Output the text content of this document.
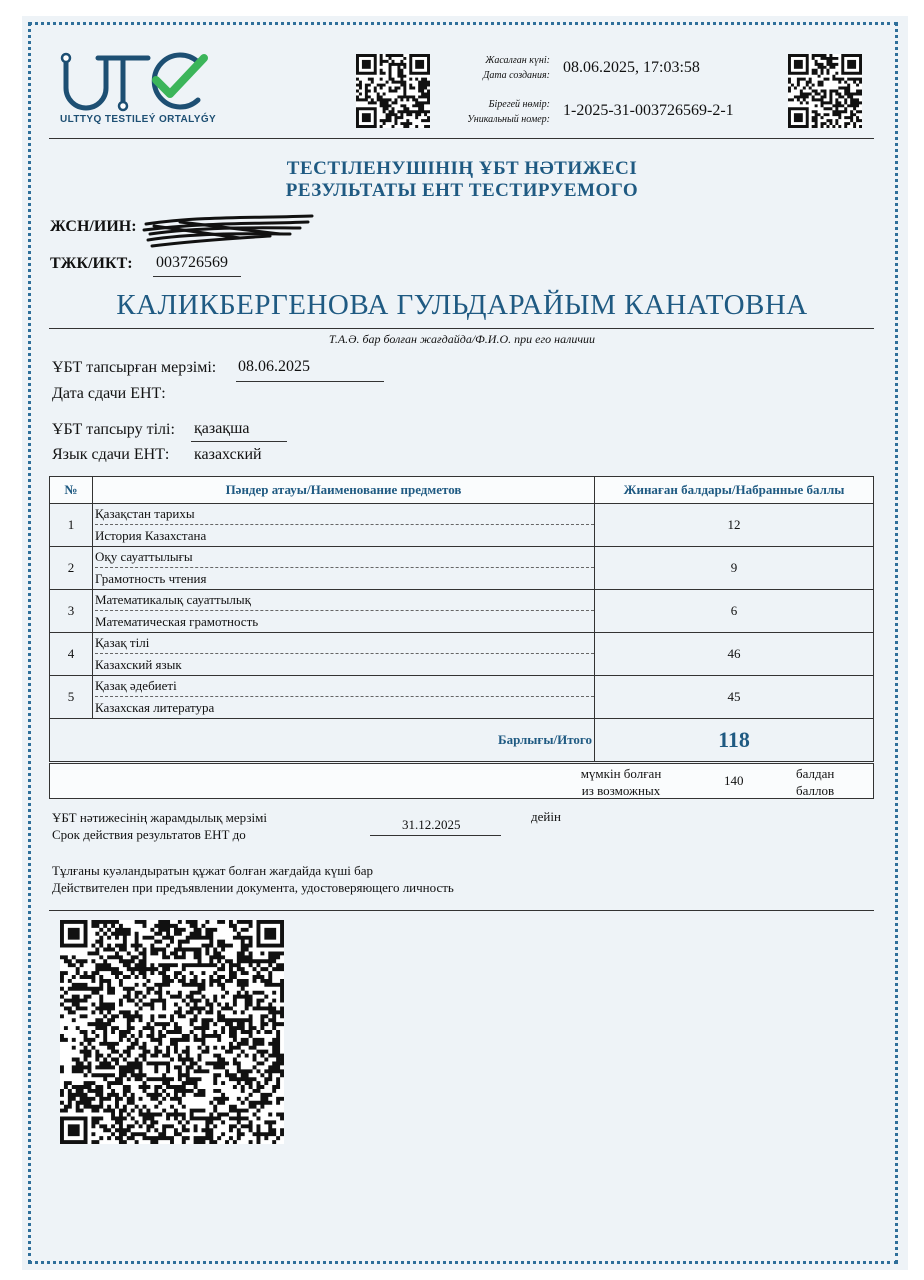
ULTTYQ TESTILEÝ ORTALYǴY
Жасалған күні:
Дата создания: 08.06.2025, 17:03:58
Бірегей нөмір:
Уникальный номер:
1-2025-31-003726569-2-1
ТЕСТІЛЕНУШІНІҢ ҰБТ НӘТИЖЕСІ
РЕЗУЛЬТАТЫ ЕНТ ТЕСТИРУЕМОГО
ЖСН/ИИН:
ТЖК/ИКТ: 003726569
КАЛИКБЕРГЕНОВА ГУЛЬДАРАЙЫМ КАНАТОВНА
Т.А.Ә. бар болған жағдайда/Ф.И.О. при его наличии
ҰБТ тапсырған мерзімі: 08.06.2025
Дата сдачи ЕНТ:
ҰБТ тапсыру тілі: қазақша
Язык сдачи ЕНТ: казахский
№	Пәндер атауы/Наименование предметов	Жинаған балдары/Набранные баллы
1	Қазақстан тарихы
История Казахстана	12
2	Оқу сауаттылығы
Грамотность чтения	9
3	Математикалық сауаттылық
Математическая грамотность	6
4	Қазақ тілі
Казахский язык	46
5	Қазақ әдебиеті
Казахская литература	45
Барлығы/Итого		118
мүмкін болған
из возможных
140	балдан
баллов
ҰБТ нәтижесінің жарамдылық мерзімі
Срок действия результатов ЕНТ до
31.12.2025
дейін
Тұлғаны куәландыратын құжат болған жағдайда күші бар
Действителен при предъявлении документа, удостоверяющего личность
